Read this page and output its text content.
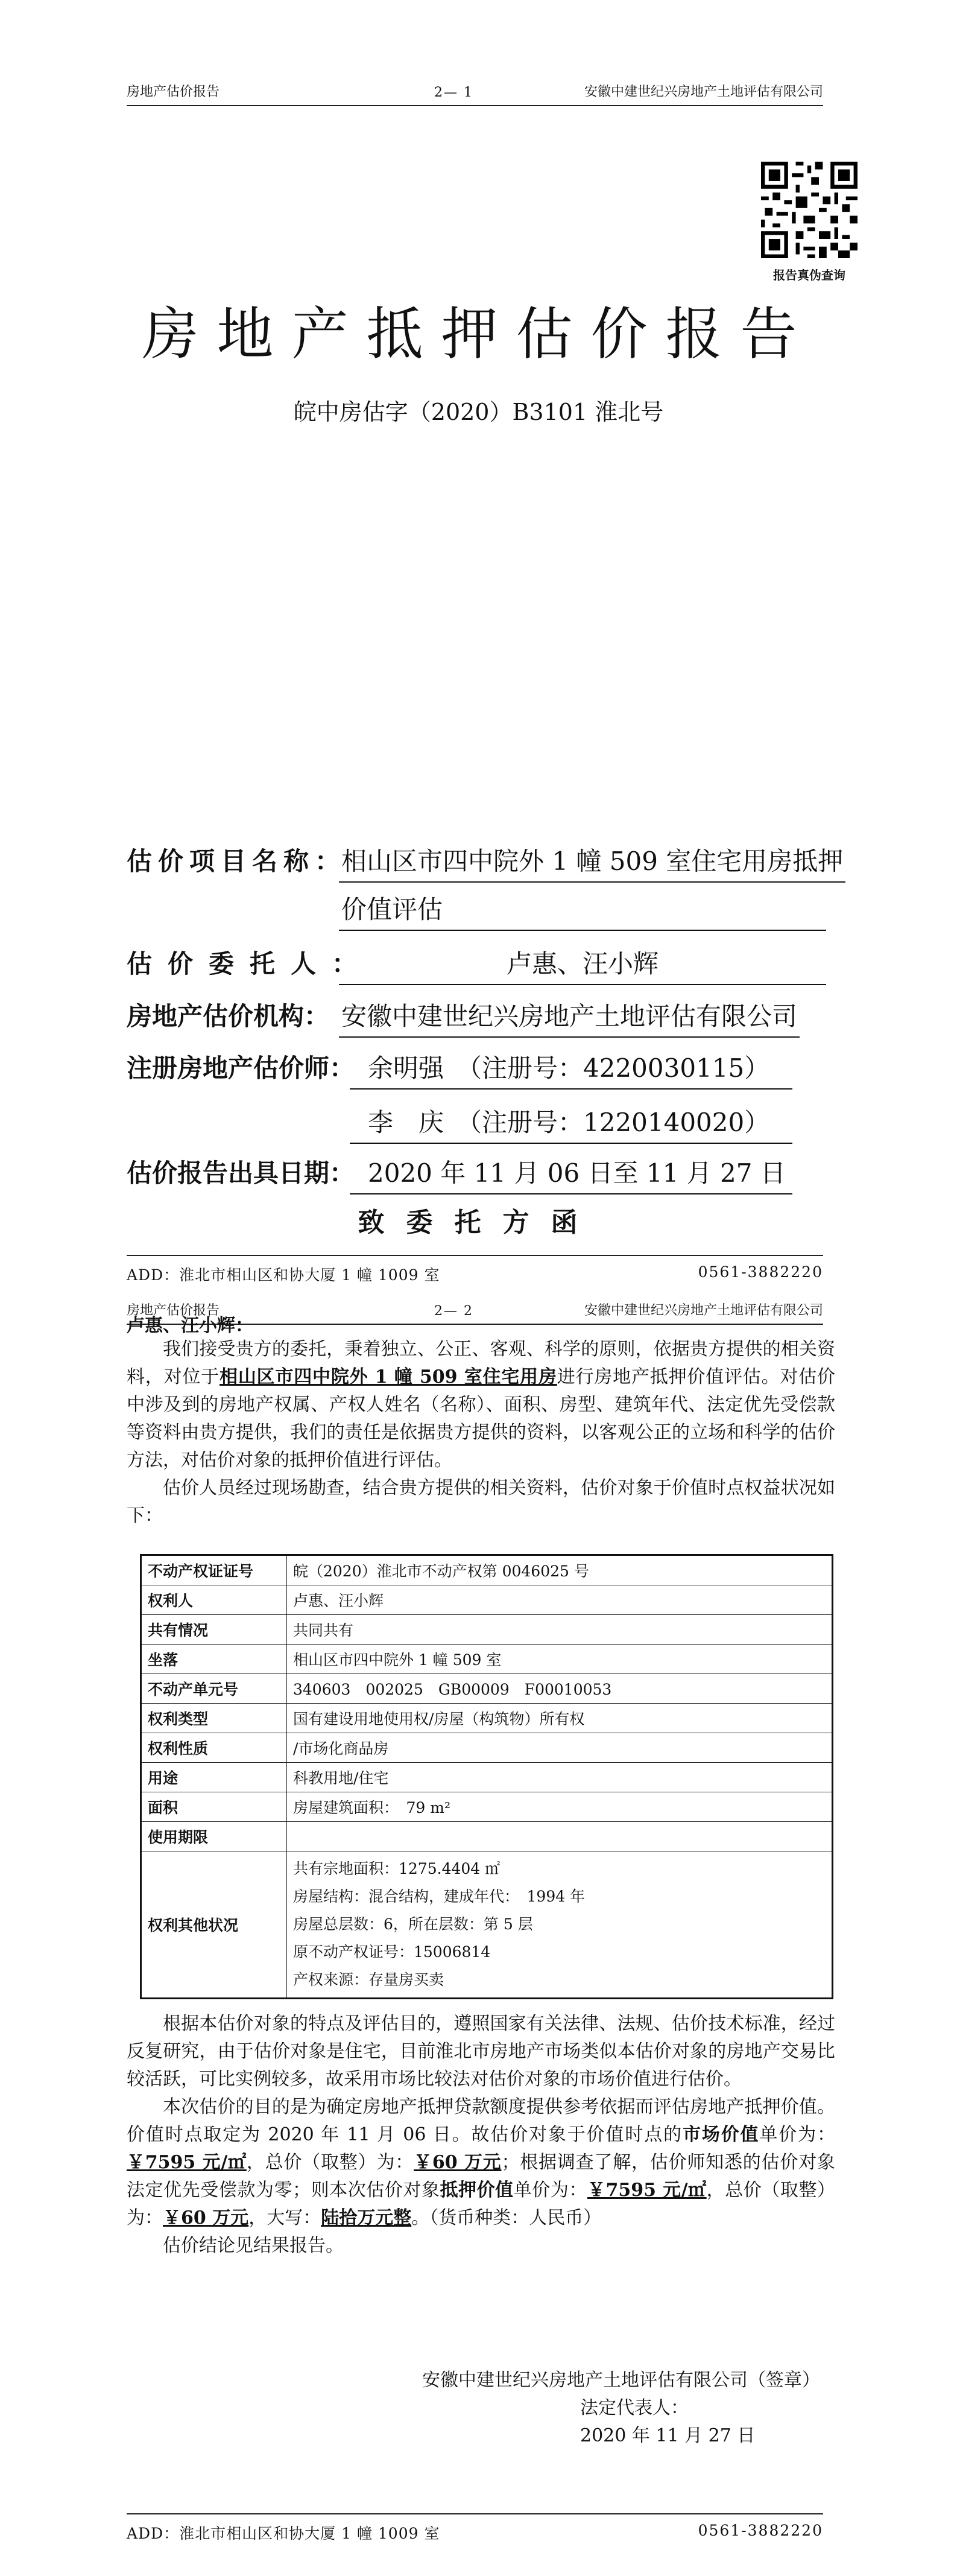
房地产估价报告	2— 1	安徽中建世纪兴房地产土地评估有限公司
报告真伪查询
房地产抵押估价报告
皖中房估字（2020）B3101 淮北号
估价项目名称：
相山区市四中院外 1 幢 509 室住宅用房抵押
价值评估
估价委托人：	卢惠、汪小辉
房地产估价机构： 安徽中建世纪兴房地产土地评估有限公司
注册房地产估价师： 余明强　（注册号：4220030115）
李　庆　（注册号：1220140020）
估价报告出具日期： 2020 年 11 月 06 日至 11 月 27 日
致委托方函
ADD：淮北市相山区和协大厦 1 幢 1009 室	0561-3882220
房地产估价报告	2— 2	安徽中建世纪兴房地产土地评估有限公司
卢惠、汪小辉：

我们接受贵方的委托，秉着独立、公正、客观、科学的原则，依据贵方提供的相关资料，对位于相山区市四中院外 1 幢 509 室住宅用房进行房地产抵押价值评估。对估价中涉及到的房地产权属、产权人姓名（名称）、面积、房型、建筑年代、法定优先受偿款等资料由贵方提供，我们的责任是依据贵方提供的资料，以客观公正的立场和科学的估价方法，对估价对象的抵押价值进行评估。

估价人员经过现场勘查，结合贵方提供的相关资料，估价对象于价值时点权益状况如下：

不动产权证证号	皖（2020）淮北市不动产权第 0046025 号
权利人	卢惠、汪小辉
共有情况	共同共有
坐落	相山区市四中院外 1 幢 509 室
不动产单元号	340603　002025　GB00009　F00010053
权利类型	国有建设用地使用权/房屋（构筑物）所有权
权利性质	/市场化商品房
用途	科教用地/住宅
面积	房屋建筑面积：　79 m²
使用期限	
权利其他状况	共有宗地面积：1275.4404 ㎡
房屋结构：混合结构，建成年代：　1994 年
房屋总层数：6，所在层数：第 5 层
原不动产权证号：15006814
产权来源：存量房买卖

根据本估价对象的特点及评估目的，遵照国家有关法律、法规、估价技术标准，经过反复研究，由于估价对象是住宅，目前淮北市房地产市场类似本估价对象的房地产交易比较活跃，可比实例较多，故采用市场比较法对估价对象的市场价值进行估价。

本次估价的目的是为确定房地产抵押贷款额度提供参考依据而评估房地产抵押价值。价值时点取定为 2020 年 11 月 06 日。故估价对象于价值时点的市场价值单价为：￥7595 元/㎡，总价（取整）为：￥60 万元；根据调查了解，估价师知悉的估价对象法定优先受偿款为零；则本次估价对象抵押价值单价为：￥7595 元/㎡，总价（取整）为：￥60 万元，大写：陆拾万元整。（货币种类：人民币）

估价结论见结果报告。

安徽中建世纪兴房地产土地评估有限公司（签章）
法定代表人：
2020 年 11 月 27 日
ADD：淮北市相山区和协大厦 1 幢 1009 室	0561-3882220
